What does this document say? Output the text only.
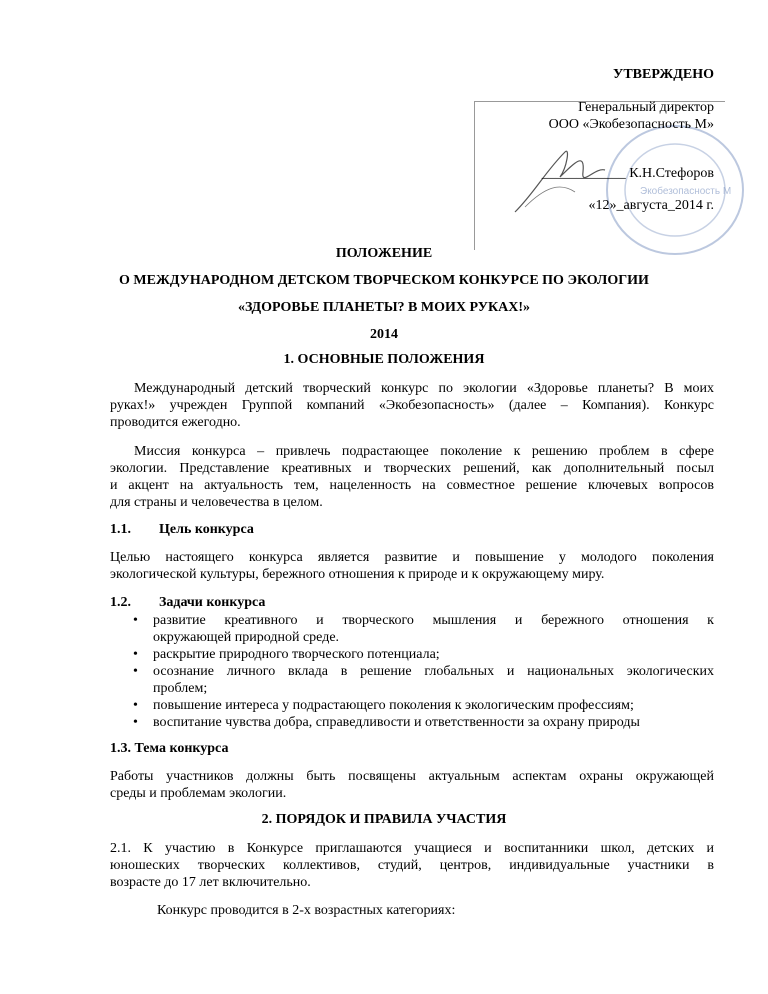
УТВЕРЖДЕНО
Экобезопасность М
Генеральный директор
ООО «Экобезопасность М»
____________ К.Н.Стефоров
«12»_августа_2014 г.
ПОЛОЖЕНИЕ
О МЕЖДУНАРОДНОМ ДЕТСКОМ ТВОРЧЕСКОМ КОНКУРСЕ ПО ЭКОЛОГИИ
«ЗДОРОВЬЕ ПЛАНЕТЫ? В МОИХ РУКАХ!»
2014
1. ОСНОВНЫЕ ПОЛОЖЕНИЯ
Международный детский творческий конкурс по экологии «Здоровье планеты? В моих
руках!» учрежден Группой компаний «Экобезопасность» (далее – Компания). Конкурс
проводится ежегодно.
Миссия конкурса – привлечь подрастающее поколение к решению проблем в сфере
экологии. Представление креативных и творческих решений, как дополнительный посыл
и акцент на актуальность тем, нацеленность на совместное решение ключевых вопросов
для страны и человечества в целом.
1.1. Цель конкурса
Целью настоящего конкурса является развитие и повышение у молодого поколения
экологической культуры, бережного отношения к природе и к окружающему миру.
1.2. Задачи конкурса
• развитие креативного и творческого мышления и бережного отношения к
окружающей природной среде.
• раскрытие природного творческого потенциала;
• осознание личного вклада в решение глобальных и национальных экологических
проблем;
• повышение интереса у подрастающего поколения к экологическим профессиям;
• воспитание чувства добра, справедливости и ответственности за охрану природы
1.3. Тема конкурса
Работы участников должны быть посвящены актуальным аспектам охраны окружающей
среды и проблемам экологии.
2. ПОРЯДОК И ПРАВИЛА УЧАСТИЯ
2.1. К участию в Конкурсе приглашаются учащиеся и воспитанники школ, детских и
юношеских творческих коллективов, студий, центров, индивидуальные участники в
возрасте до 17 лет включительно.
Конкурс проводится в 2-х возрастных категориях:
